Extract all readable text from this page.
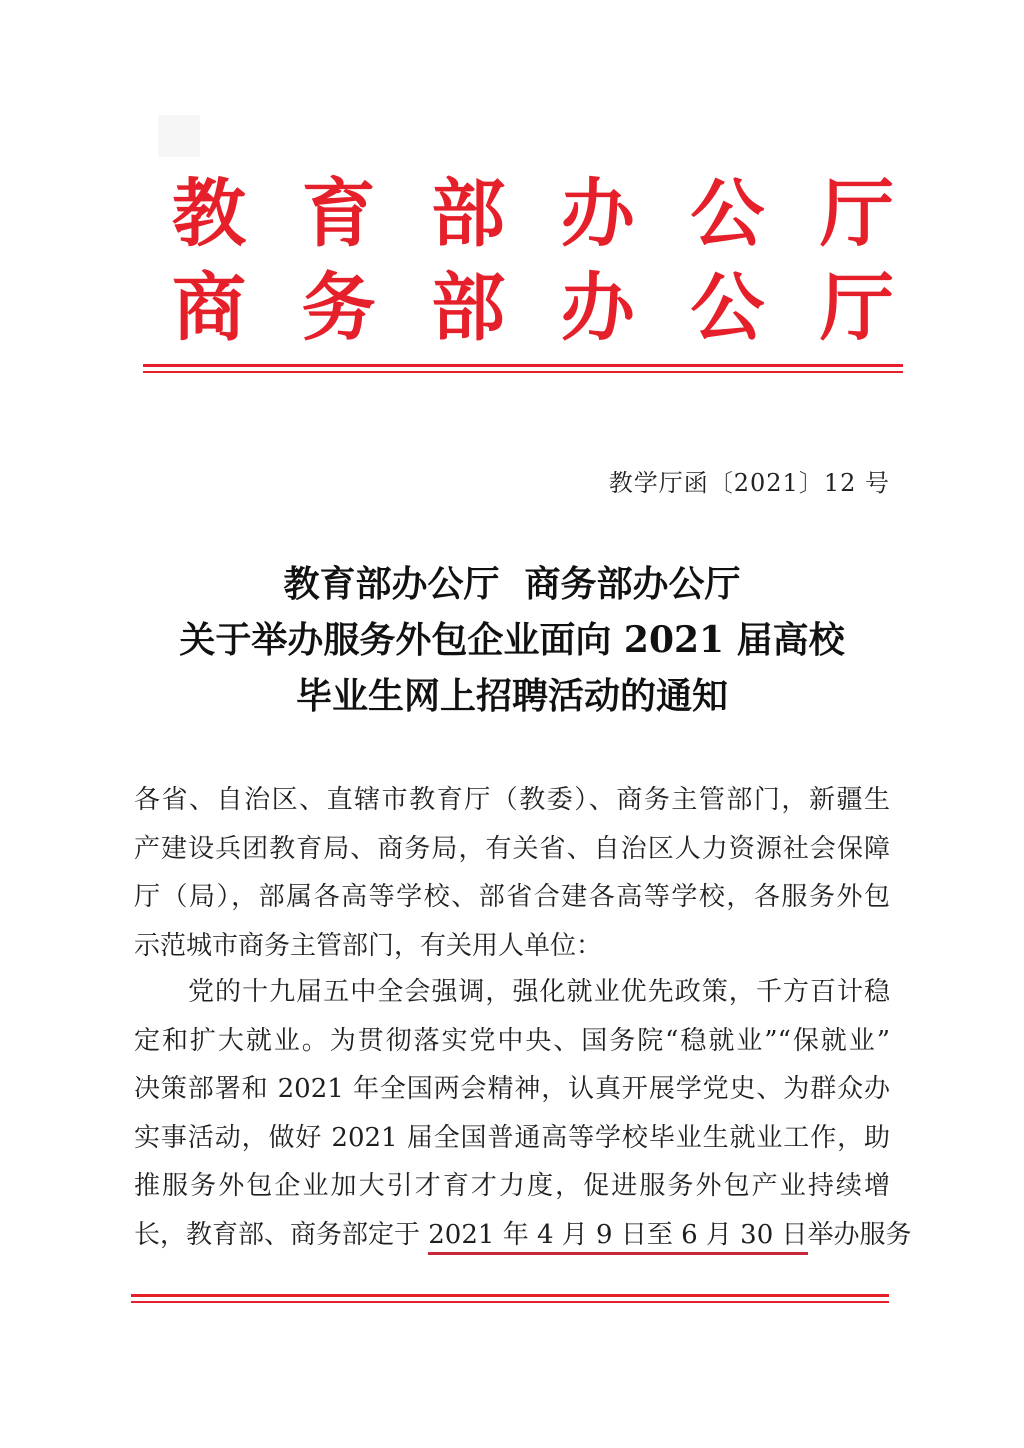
教 育 部 办 公 厅
商 务 部 办 公 厅
教学厅函〔2021〕12 号
教育部办公厅  商务部办公厅
关于举办服务外包企业面向 2021 届高校
毕业生网上招聘活动的通知
各省、自治区、直辖市教育厅（教委）、商务主管部门，新疆生
产建设兵团教育局、商务局，有关省、自治区人力资源社会保障
厅（局），部属各高等学校、部省合建各高等学校，各服务外包
示范城市商务主管部门，有关用人单位：
党的十九届五中全会强调，强化就业优先政策，千方百计稳
定和扩大就业。为贯彻落实党中央、国务院“稳就业”“保就业”
决策部署和 2021 年全国两会精神，认真开展学党史、为群众办
实事活动，做好 2021 届全国普通高等学校毕业生就业工作，助
推服务外包企业加大引才育才力度，促进服务外包产业持续增
长，教育部、商务部定于 2021 年 4 月 9 日至 6 月 30 日举办服务
